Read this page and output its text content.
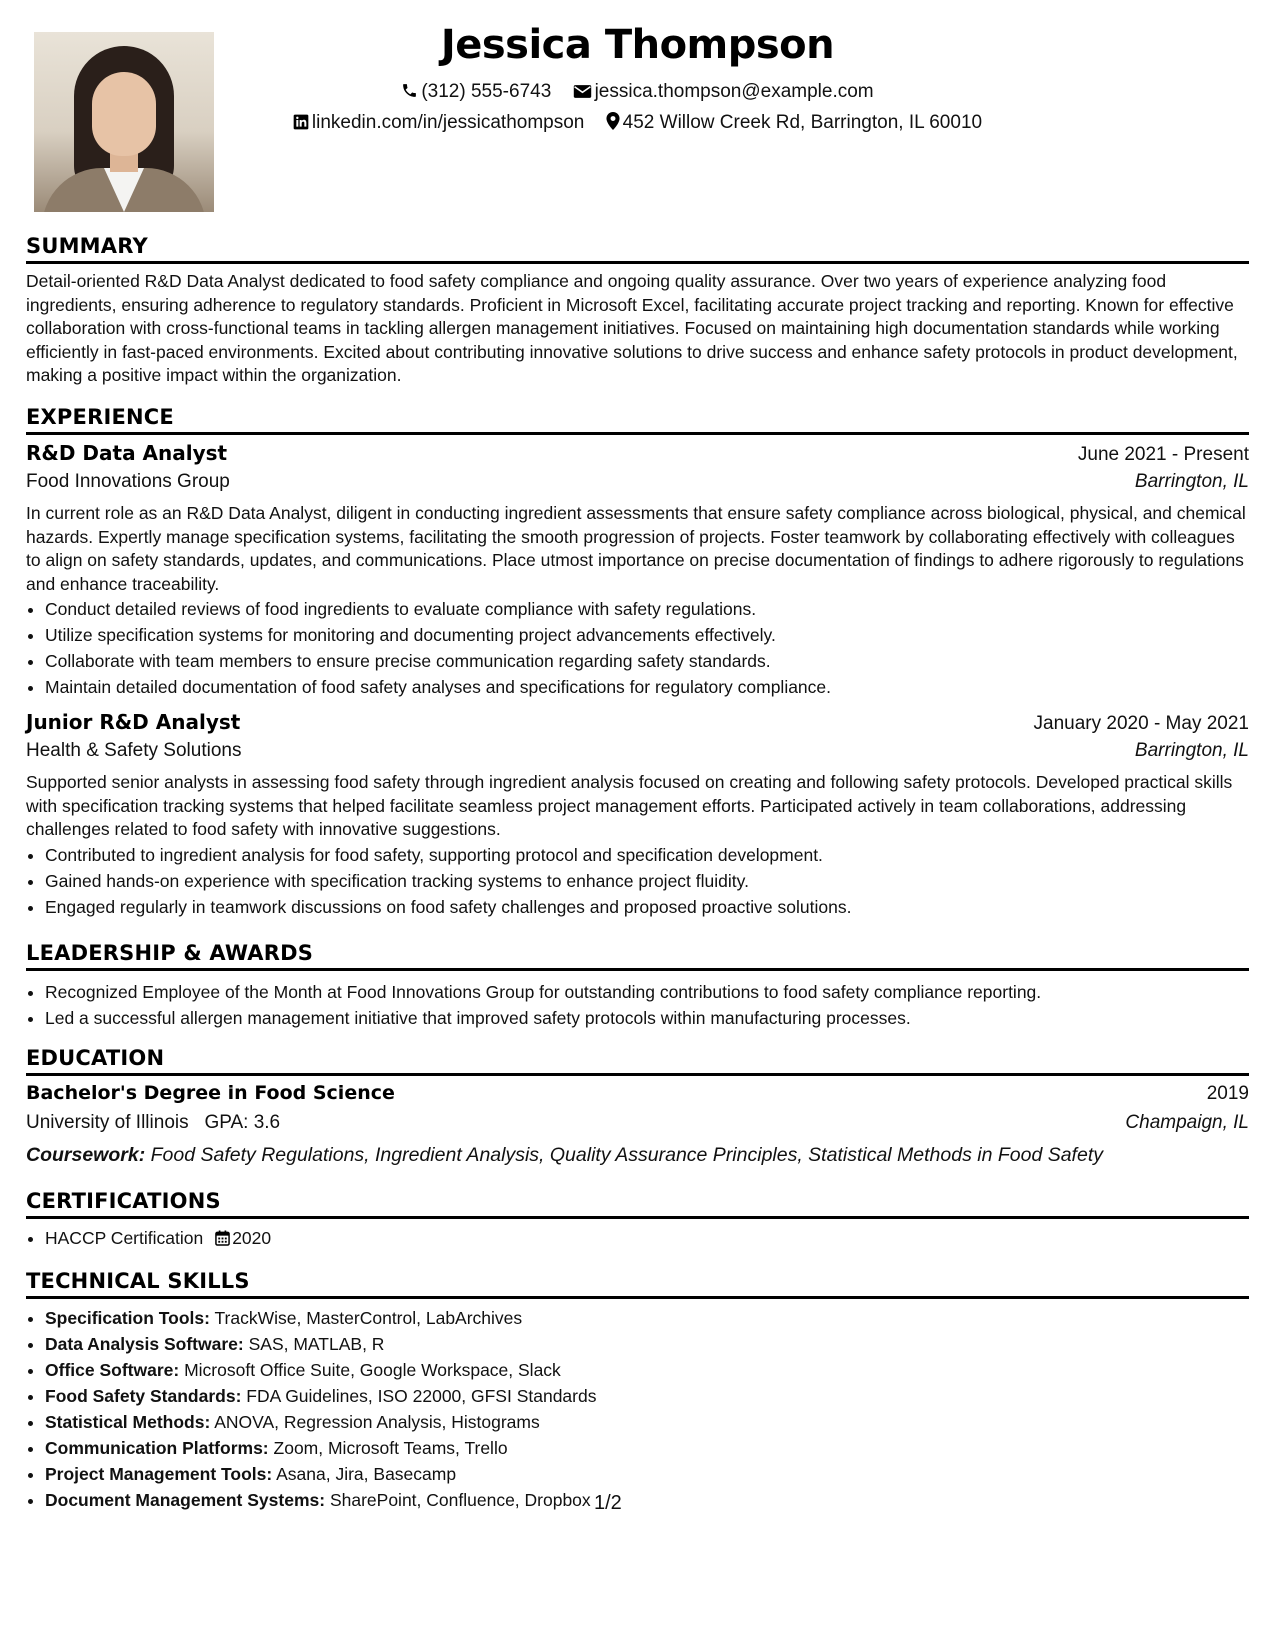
Jessica Thompson
(312) 555-6743 jessica.thompson@example.com
linkedin.com/in/jessicathompson 452 Willow Creek Rd, Barrington, IL 60010
SUMMARY

Detail-oriented R&D Data Analyst dedicated to food safety compliance and ongoing quality assurance. Over two years of experience analyzing food ingredients, ensuring adherence to regulatory standards. Proficient in Microsoft Excel, facilitating accurate project tracking and reporting. Known for effective collaboration with cross-functional teams in tackling allergen management initiatives. Focused on maintaining high documentation standards while working efficiently in fast-paced environments. Excited about contributing innovative solutions to drive success and enhance safety protocols in product development, making a positive impact within the organization.

EXPERIENCE
R&D Data Analyst	June 2021 - Present
Food Innovations Group	Barrington, IL

In current role as an R&D Data Analyst, diligent in conducting ingredient assessments that ensure safety compliance across biological, physical, and chemical hazards. Expertly manage specification systems, facilitating the smooth progression of projects. Foster teamwork by collaborating effectively with colleagues to align on safety standards, updates, and communications. Place utmost importance on precise documentation of findings to adhere rigorously to regulations and enhance traceability.

• Conduct detailed reviews of food ingredients to evaluate compliance with safety regulations.
• Utilize specification systems for monitoring and documenting project advancements effectively.
• Collaborate with team members to ensure precise communication regarding safety standards.
• Maintain detailed documentation of food safety analyses and specifications for regulatory compliance.
Junior R&D Analyst	January 2020 - May 2021
Health & Safety Solutions	Barrington, IL

Supported senior analysts in assessing food safety through ingredient analysis focused on creating and following safety protocols. Developed practical skills with specification tracking systems that helped facilitate seamless project management efforts. Participated actively in team collaborations, addressing challenges related to food safety with innovative suggestions.

• Contributed to ingredient analysis for food safety, supporting protocol and specification development.
• Gained hands-on experience with specification tracking systems to enhance project fluidity.
• Engaged regularly in teamwork discussions on food safety challenges and proposed proactive solutions.
LEADERSHIP & AWARDS
• Recognized Employee of the Month at Food Innovations Group for outstanding contributions to food safety compliance reporting.
• Led a successful allergen management initiative that improved safety protocols within manufacturing processes.
EDUCATION
Bachelor's Degree in Food Science	2019
University of Illinois   GPA: 3.6	Champaign, IL
Coursework: Food Safety Regulations, Ingredient Analysis, Quality Assurance Principles, Statistical Methods in Food Safety
CERTIFICATIONS
• HACCP Certification 2020
TECHNICAL SKILLS
• Specification Tools: TrackWise, MasterControl, LabArchives
• Data Analysis Software: SAS, MATLAB, R
• Office Software: Microsoft Office Suite, Google Workspace, Slack
• Food Safety Standards: FDA Guidelines, ISO 22000, GFSI Standards
• Statistical Methods: ANOVA, Regression Analysis, Histograms
• Communication Platforms: Zoom, Microsoft Teams, Trello
• Project Management Tools: Asana, Jira, Basecamp
• Document Management Systems: SharePoint, Confluence, Dropbox 1/2
